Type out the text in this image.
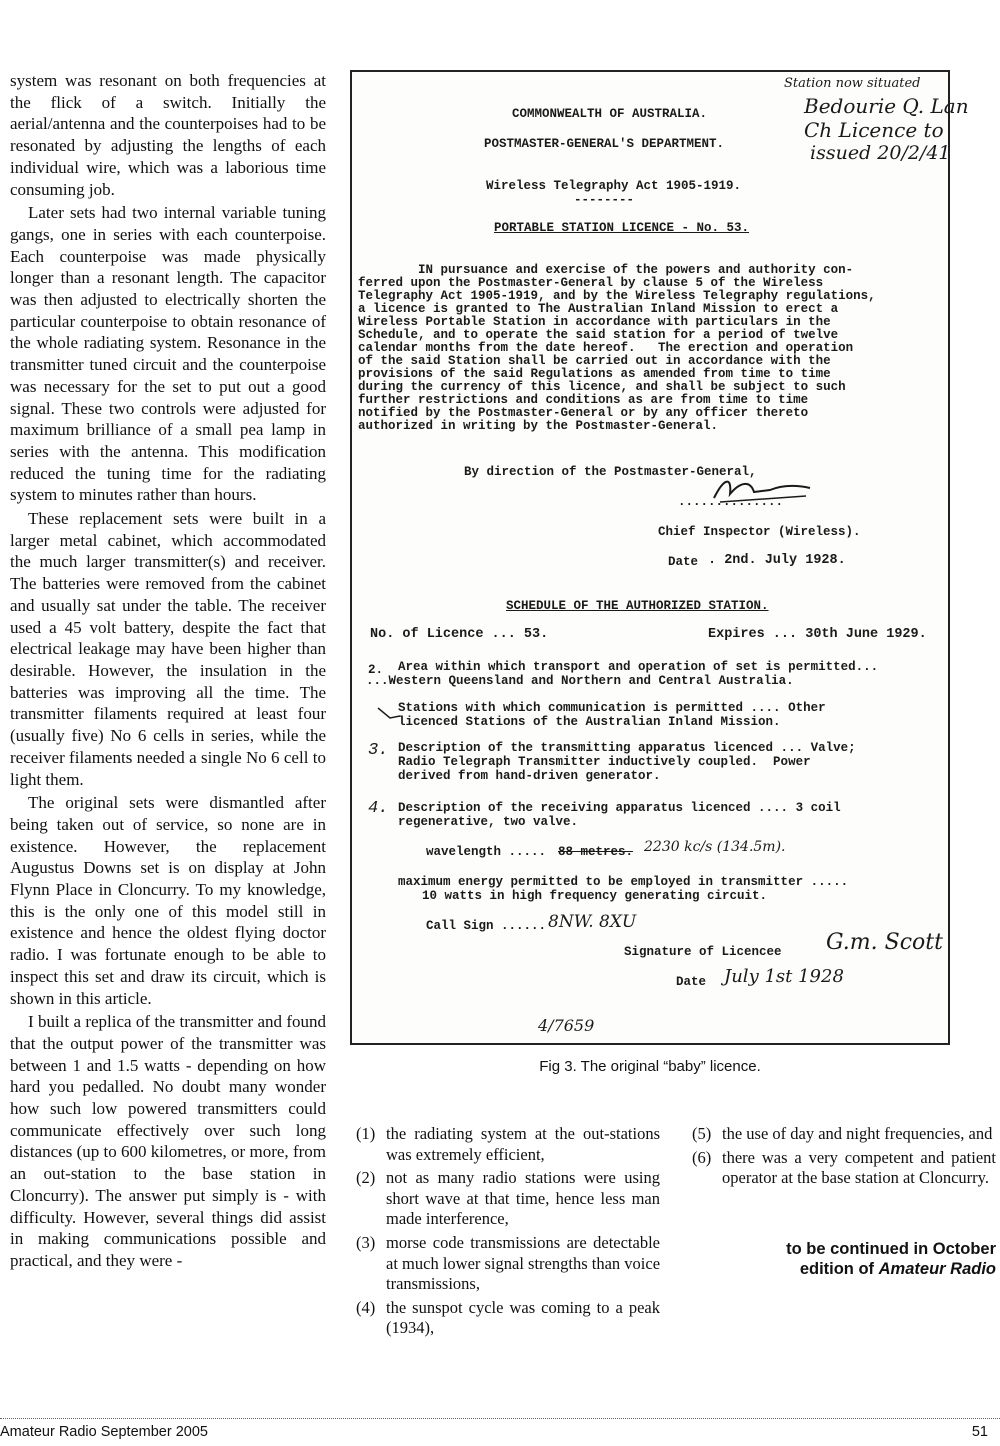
system was resonant on both frequencies at the flick of a switch. Initially the aerial/antenna and the counterpoises had to be resonated by adjusting the lengths of each individual wire, which was a laborious time consuming job.

Later sets had two internal variable tuning gangs, one in series with each counterpoise. Each counterpoise was made physically longer than a resonant length. The capacitor was then adjusted to electrically shorten the particular counterpoise to obtain resonance of the whole radiating system. Resonance in the transmitter tuned circuit and the counterpoise was necessary for the set to put out a good signal. These two controls were adjusted for maximum brilliance of a small pea lamp in series with the antenna. This modification reduced the tuning time for the radiating system to minutes rather than hours.

These replacement sets were built in a larger metal cabinet, which accommodated the much larger transmitter(s) and receiver. The batteries were removed from the cabinet and usually sat under the table. The receiver used a 45 volt battery, despite the fact that electrical leakage may have been higher than desirable. However, the insulation in the batteries was improving all the time. The transmitter filaments required at least four (usually five) No 6 cells in series, while the receiver filaments needed a single No 6 cell to light them.

The original sets were dismantled after being taken out of service, so none are in existence. However, the replacement Augustus Downs set is on display at John Flynn Place in Cloncurry. To my knowledge, this is the only one of this model still in existence and hence the oldest flying doctor radio. I was fortunate enough to be able to inspect this set and draw its circuit, which is shown in this article.

I built a replica of the transmitter and found that the output power of the transmitter was between 1 and 1.5 watts - depending on how hard you pedalled. No doubt many wonder how such low powered transmitters could communicate effectively over such long distances (up to 600 kilometres, or more, from an out-station to the base station in Cloncurry). The answer put simply is - with difficulty. However, several things did assist in making communications possible and practical, and they were -

Station now situated
Bedourie Q. Lan
Ch Licence to
issued 20/2/41
COMMONWEALTH OF AUSTRALIA.
POSTMASTER-GENERAL'S DEPARTMENT.
Wireless Telegraphy Act 1905-1919.
--------
PORTABLE STATION LICENCE - No. 53.
IN pursuance and exercise of the powers and authority con-
ferred upon the Postmaster-General by clause 5 of the Wireless
Telegraphy Act 1905-1919, and by the Wireless Telegraphy regulations,
a licence is granted to The Australian Inland Mission to erect a
Wireless Portable Station in accordance with particulars in the
Schedule, and to operate the said station for a period of twelve
calendar months from the date hereof.   The erection and operation
of the said Station shall be carried out in accordance with the
provisions of the said Regulations as amended from time to time
during the currency of this licence, and shall be subject to such
further restrictions and conditions as are from time to time
notified by the Postmaster-General or by any officer thereto
authorized in writing by the Postmaster-General.
By direction of the Postmaster-General,
..............
Chief Inspector (Wireless).
Date . 2nd. July 1928.
SCHEDULE OF THE AUTHORIZED STATION.
No. of Licence ... 53.	Expires ... 30th June 1929.
2. Area within which transport and operation of set is permitted...
...Western Queensland and Northern and Central Australia.
Stations with which communication is permitted .... Other
licenced Stations of the Australian Inland Mission.
3. Description of the transmitting apparatus licenced ... Valve;
Radio Telegraph Transmitter inductively coupled.  Power
derived from hand-driven generator.
4. Description of the receiving apparatus licenced .... 3 coil
regenerative, two valve.
wavelength ..... 88 metres. 2230 kc/s (134.5m).
maximum energy permitted to be employed in transmitter .....
10 watts in high frequency generating circuit.
Call Sign ...... 8NW. 8XU
Signature of Licencee G.m. Scott
Date July 1st 1928
4/7659
Fig 3. The original “baby” licence.
(1) the radiating system at the out-stations was extremely efficient,
(2) not as many radio stations were using short wave at that time, hence less man made interference,
(3) morse code transmissions are detectable at much lower signal strengths than voice transmissions,
(4) the sunspot cycle was coming to a peak (1934),
(5) the use of day and night frequencies, and
(6) there was a very competent and patient operator at the base station at Cloncurry.
to be continued in October
edition of Amateur Radio
Amateur Radio September 2005	51
